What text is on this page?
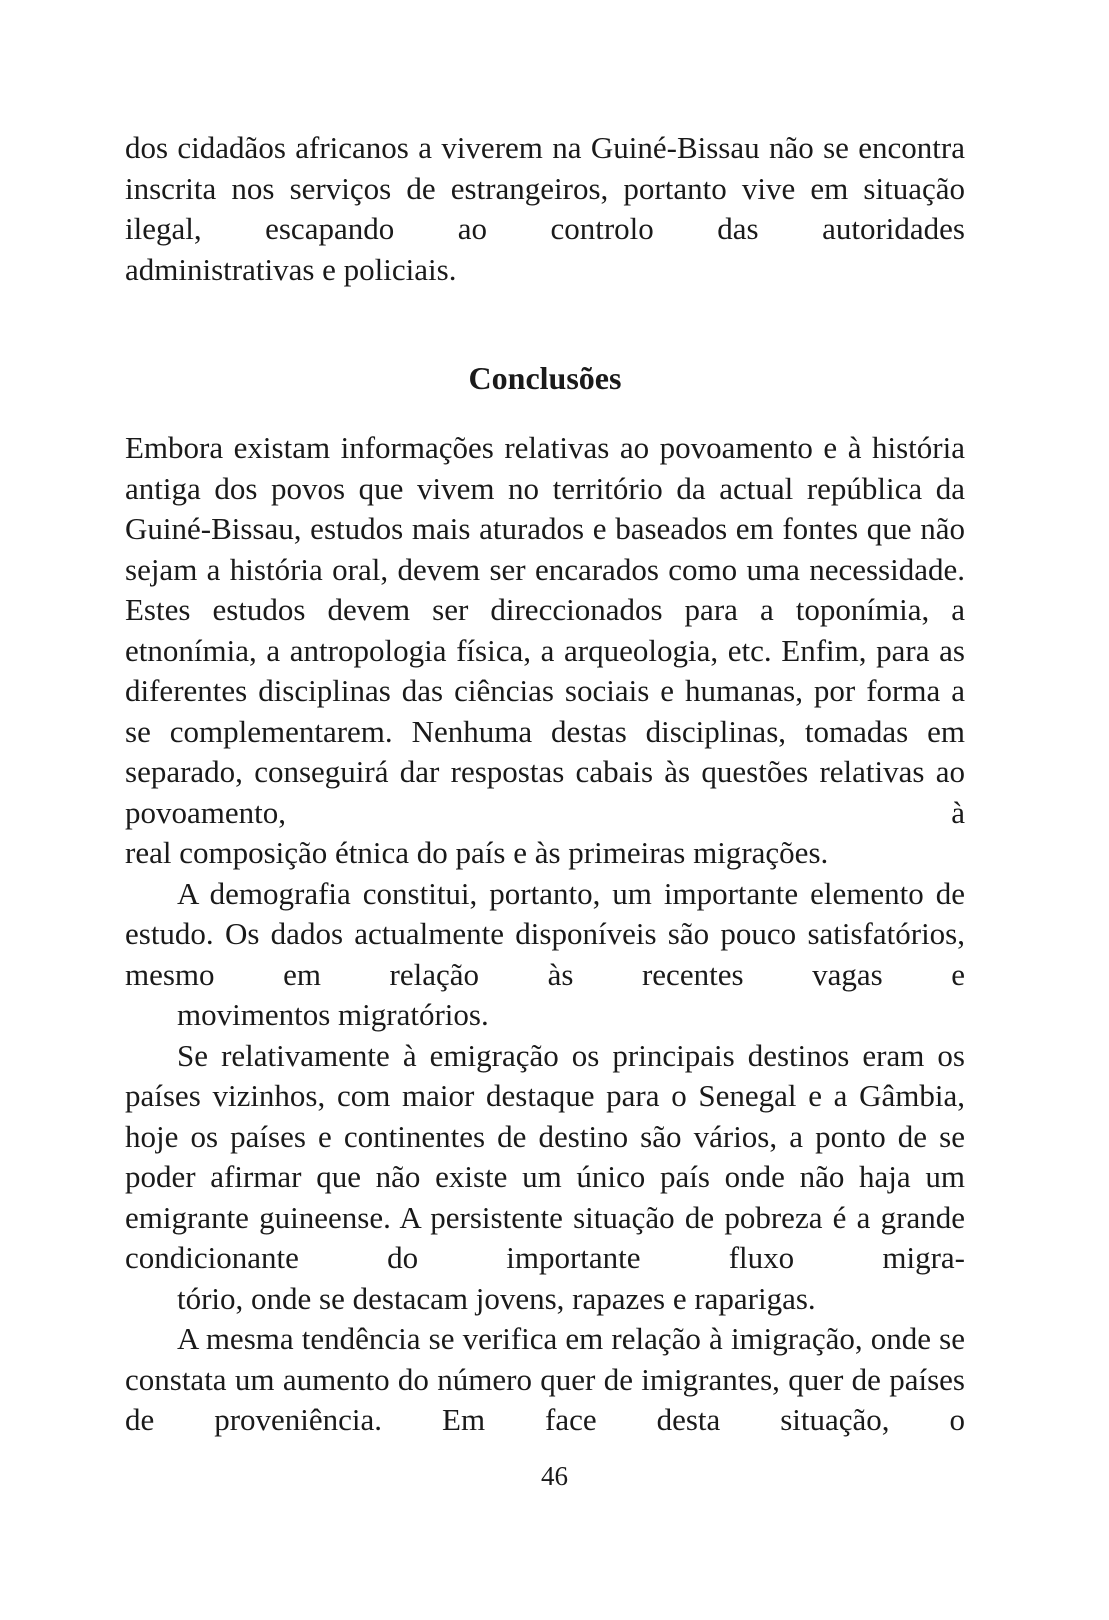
dos cidadãos africanos a viverem na Guiné-Bissau não se encontra inscrita nos serviços de estrangeiros, portanto vive em situação ilegal, escapando ao controlo das autoridades
administrativas e policiais.

Conclusões

Embora existam informações relativas ao povoamento e à história antiga dos povos que vivem no território da actual república da Guiné-Bissau, estudos mais aturados e baseados em fontes que não sejam a história oral, devem ser encarados como uma necessidade. Estes estudos devem ser direccionados para a toponímia, a etnonímia, a antropologia física, a arqueologia, etc. Enfim, para as diferentes disciplinas das ciências sociais e humanas, por forma a se complementarem. Nenhuma destas disciplinas, tomadas em separado, conseguirá dar respostas cabais às questões relativas ao povoamento, à
real composição étnica do país e às primeiras migrações.

A demografia constitui, portanto, um importante elemento de estudo. Os dados actualmente disponíveis são pouco satisfatórios, mesmo em relação às recentes vagas e
movimentos migratórios.

Se relativamente à emigração os principais destinos eram os países vizinhos, com maior destaque para o Senegal e a Gâmbia, hoje os países e continentes de destino são vários, a ponto de se poder afirmar que não existe um único país onde não haja um emigrante guineense. A persistente situação de pobreza é a grande condicionante do importante fluxo migra-
tório, onde se destacam jovens, rapazes e raparigas.

A mesma tendência se verifica em relação à imigração, onde se constata um aumento do número quer de imigrantes, quer de países de proveniência. Em face desta situação, o

46
